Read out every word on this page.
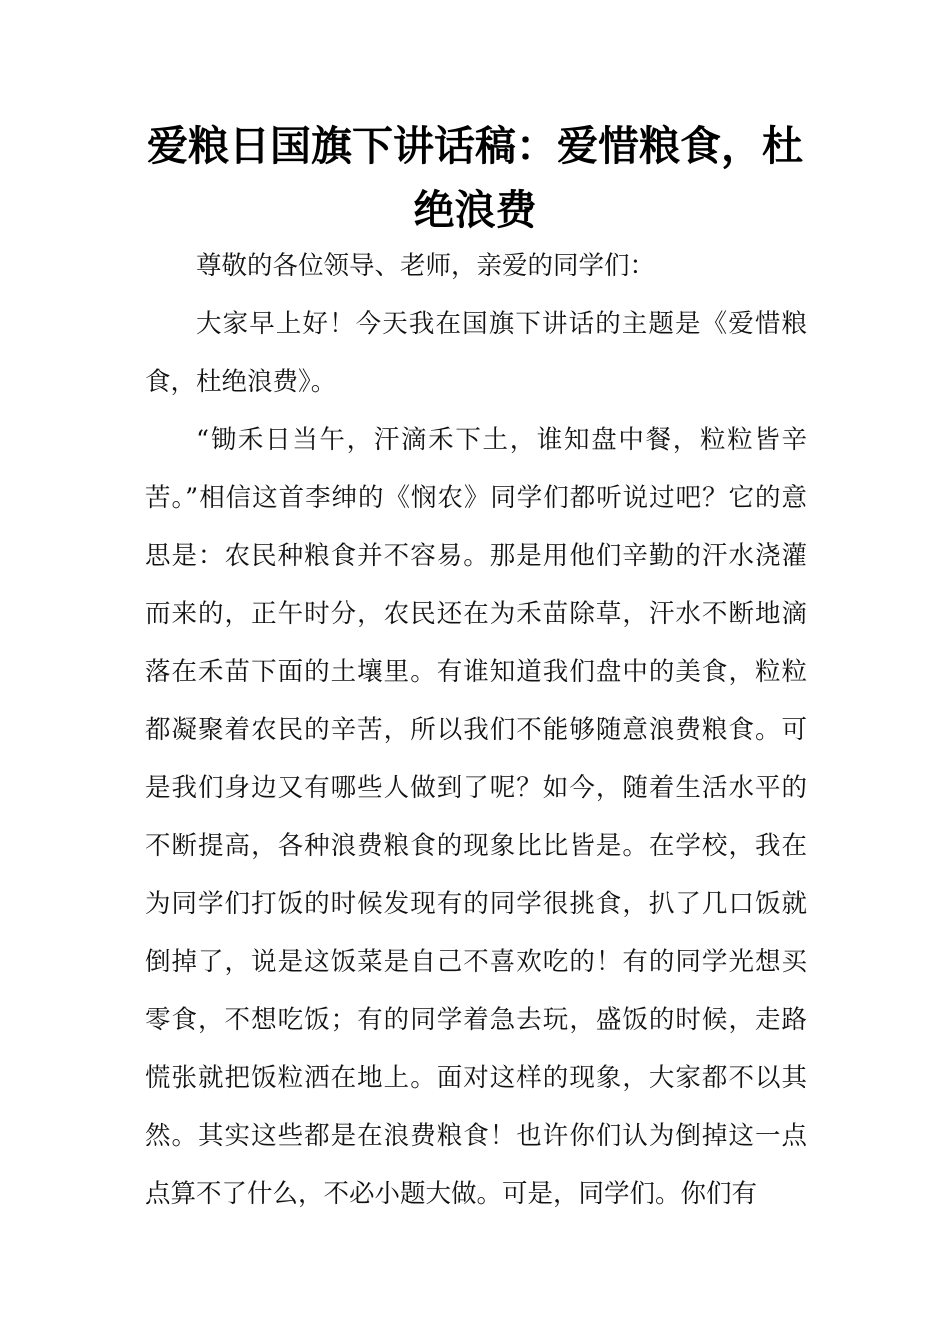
爱粮日国旗下讲话稿：爱惜粮食，杜绝浪费

尊敬的各位领导、老师，亲爱的同学们：

大家早上好！今天我在国旗下讲话的主题是《爱惜粮食，杜绝浪费》。

“锄禾日当午，汗滴禾下土，谁知盘中餐，粒粒皆辛苦。”相信这首李绅的《悯农》同学们都听说过吧？它的意思是：农民种粮食并不容易。那是用他们辛勤的汗水浇灌而来的，正午时分，农民还在为禾苗除草，汗水不断地滴落在禾苗下面的土壤里。有谁知道我们盘中的美食，粒粒都凝聚着农民的辛苦，所以我们不能够随意浪费粮食。可是我们身边又有哪些人做到了呢？如今，随着生活水平的不断提高，各种浪费粮食的现象比比皆是。在学校，我在为同学们打饭的时候发现有的同学很挑食，扒了几口饭就倒掉了，说是这饭菜是自己不喜欢吃的！有的同学光想买零食，不想吃饭；有的同学着急去玩，盛饭的时候，走路慌张就把饭粒洒在地上。面对这样的现象，大家都不以其然。其实这些都是在浪费粮食！也许你们认为倒掉这一点点算不了什么，不必小题大做。可是，同学们。你们有
